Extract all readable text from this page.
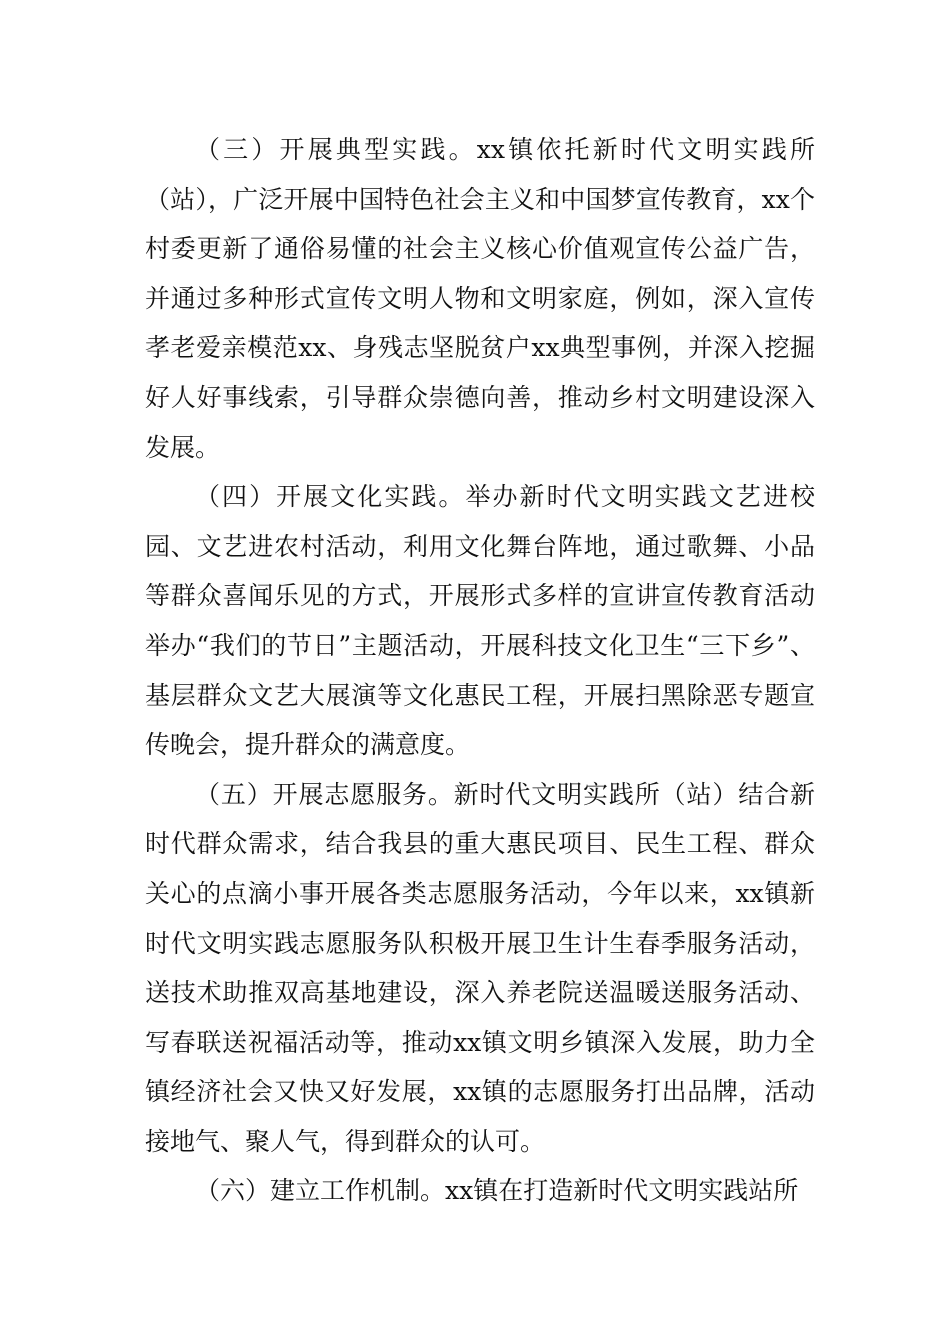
（三）开展典型实践。xx镇依托新时代文明实践所（站），广泛开展中国特色社会主义和中国梦宣传教育，xx个村委更新了通俗易懂的社会主义核心价值观宣传公益广告，并通过多种形式宣传文明人物和文明家庭，例如，深入宣传孝老爱亲模范xx、身残志坚脱贫户xx典型事例，并深入挖掘好人好事线索，引导群众崇德向善，推动乡村文明建设深入发展。

（四）开展文化实践。举办新时代文明实践文艺进校园、文艺进农村活动，利用文化舞台阵地，通过歌舞、小品等群众喜闻乐见的方式，开展形式多样的宣讲宣传教育活动举办“我们的节日”主题活动，开展科技文化卫生“三下乡”、基层群众文艺大展演等文化惠民工程，开展扫黑除恶专题宣传晚会，提升群众的满意度。

（五）开展志愿服务。新时代文明实践所（站）结合新时代群众需求，结合我县的重大惠民项目、民生工程、群众关心的点滴小事开展各类志愿服务活动，今年以来，xx镇新时代文明实践志愿服务队积极开展卫生计生春季服务活动，送技术助推双高基地建设，深入养老院送温暖送服务活动、写春联送祝福活动等，推动xx镇文明乡镇深入发展，助力全镇经济社会又快又好发展，xx镇的志愿服务打出品牌，活动接地气、聚人气，得到群众的认可。

（六）建立工作机制。xx镇在打造新时代文明实践站所
